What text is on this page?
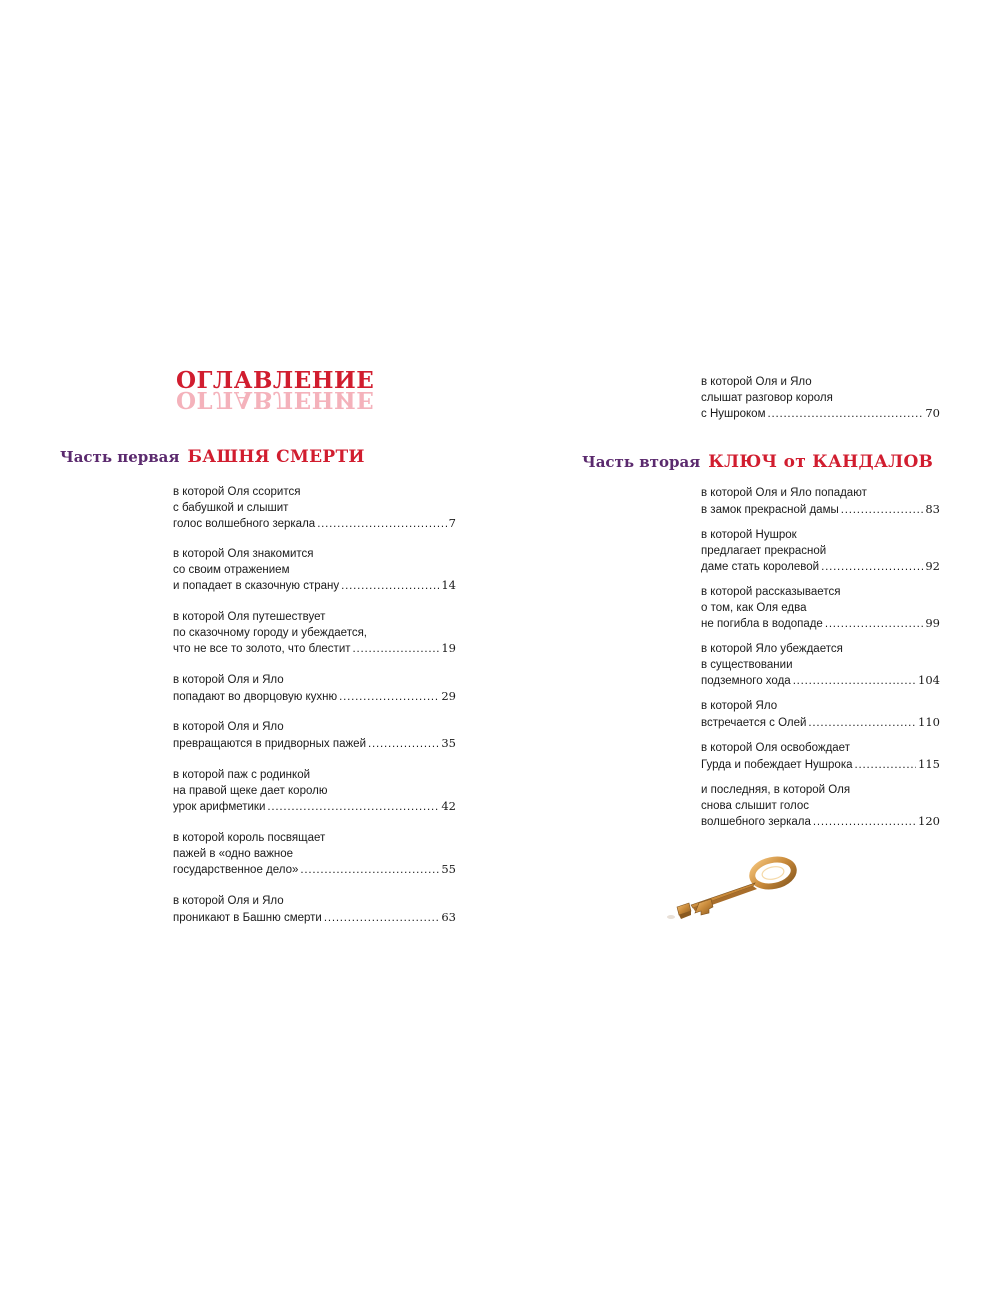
ОГЛАВЛЕНИЕ
ОГЛАВЛЕНИЕ
Часть первая БАШНЯ СМЕРТИ	Часть вторая КЛЮЧ от КАНДАЛОВ
в которой Оля ссорится
с бабушкой и слышит
голос волшебного зеркала . . .	7
в которой Оля знакомится
со своим отражением
и попадает в сказочную страну . . .	14
в которой Оля путешествует
по сказочному городу и убеждается,
что не все то золото, что блестит . . .	19
в которой Оля и Яло
попадают во дворцовую кухню . . .	29
в которой Оля и Яло
превращаются в придворных пажей . . .	35
в которой паж с родинкой
на правой щеке дает королю
урок арифметики . . .	42
в которой король посвящает
пажей в «одно важное
государственное дело» . . .	55
в которой Оля и Яло
проникают в Башню смерти . . .	63
в которой Оля и Яло
слышат разговор короля
с Нушроком . . .	70
в которой Оля и Яло попадают
в замок прекрасной дамы . . .	83
в которой Нушрок
предлагает прекрасной
даме стать королевой . . .	92
в которой рассказывается
о том, как Оля едва
не погибла в водопаде . . .	99
в которой Яло убеждается
в существовании
подземного хода . . .	104
в которой Яло
встречается с Олей . . .	110
в которой Оля освобождает
Гурда и побеждает Нушрока . . .	115
и последняя, в которой Оля
снова слышит голос
волшебного зеркала . . .	120
